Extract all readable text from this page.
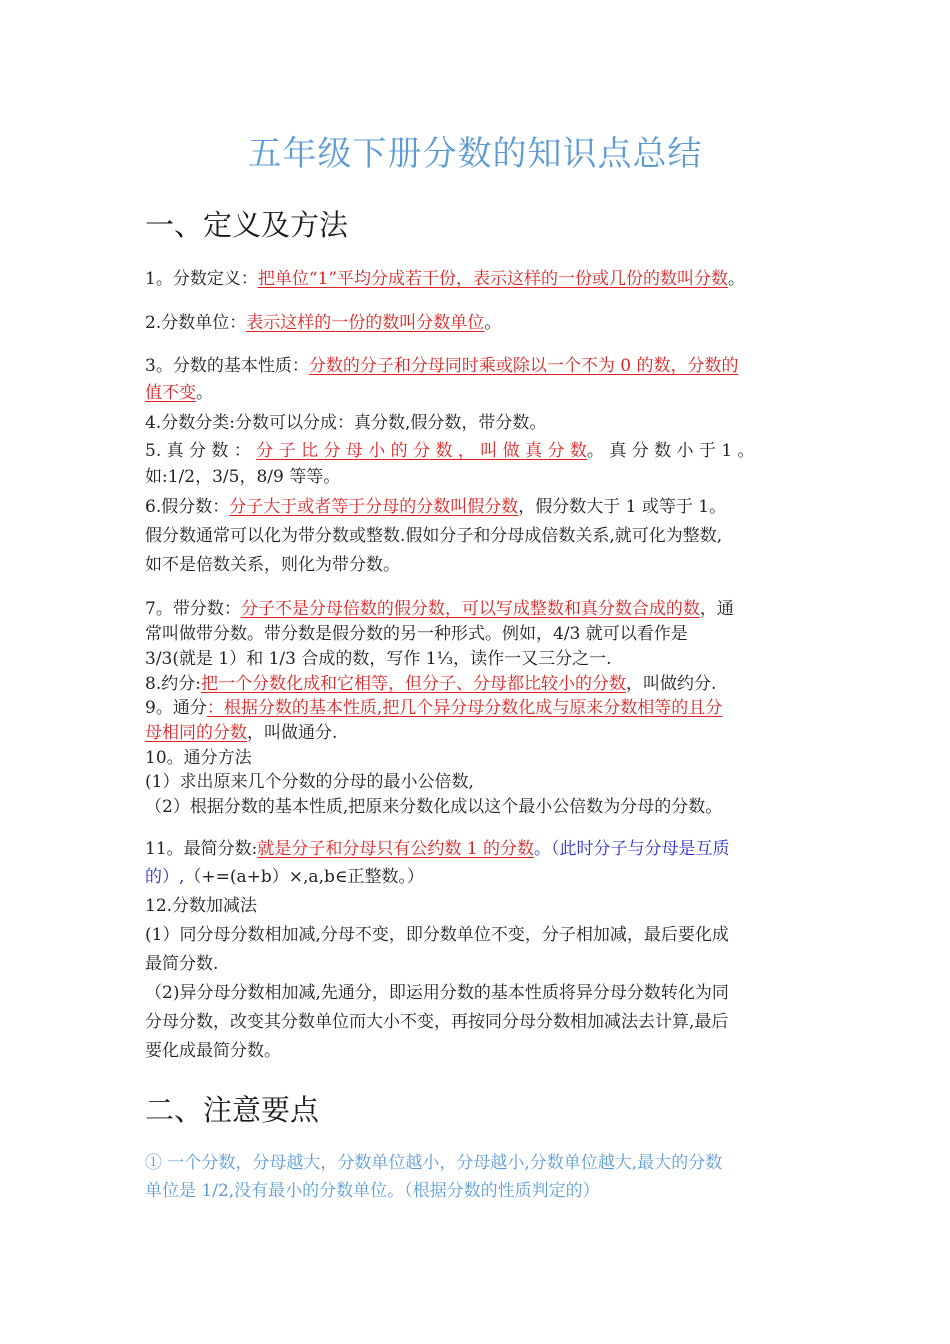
五年级下册分数的知识点总结
一、定义及方法
1。分数定义：把单位“1”平均分成若干份，表示这样的一份或几份的数叫分数。
2.分数单位：表示这样的一份的数叫分数单位。
3。分数的基本性质：分数的分子和分母同时乘或除以一个不为 0 的数，分数的
值不变。
4.分数分类:分数可以分成：真分数,假分数，带分数。
5. 真 分 数 ： 分 子 比 分 母 小 的 分 数 ， 叫 做 真 分 数。 真 分 数 小 于 1 。
如:1/2，3/5，8/9 等等。
6.假分数：分子大于或者等于分母的分数叫假分数，假分数大于 1 或等于 1。
假分数通常可以化为带分数或整数.假如分子和分母成倍数关系,就可化为整数,
如不是倍数关系，则化为带分数。
7。带分数：分子不是分母倍数的假分数，可以写成整数和真分数合成的数，通
常叫做带分数。带分数是假分数的另一种形式。例如，4/3 就可以看作是
3/3(就是 1）和 1/3 合成的数，写作 1⅓，读作一又三分之一.
8.约分:把一个分数化成和它相等，但分子、分母都比较小的分数，叫做约分.
9。通分：根据分数的基本性质,把几个异分母分数化成与原来分数相等的且分
母相同的分数，叫做通分.
10。通分方法
(1）求出原来几个分数的分母的最小公倍数,
（2）根据分数的基本性质,把原来分数化成以这个最小公倍数为分母的分数。
11。最简分数:就是分子和分母只有公约数 1 的分数。（此时分子与分母是互质
的）,（+=(a+b）×,a,b∈正整数。）
12.分数加减法
(1）同分母分数相加减,分母不变，即分数单位不变，分子相加减，最后要化成
最简分数.
（2)异分母分数相加减,先通分，即运用分数的基本性质将异分母分数转化为同
分母分数，改变其分数单位而大小不变，再按同分母分数相加减法去计算,最后
要化成最简分数。
二、注意要点
① 一个分数，分母越大，分数单位越小，分母越小,分数单位越大,最大的分数
单位是 1/2,没有最小的分数单位。（根据分数的性质判定的）
